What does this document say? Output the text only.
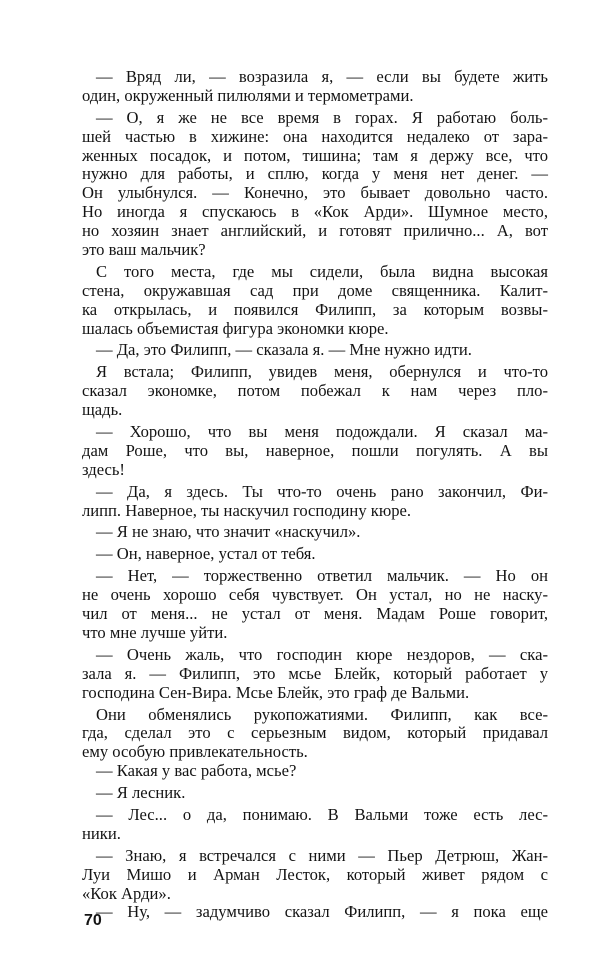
— Вряд ли, — возразила я, — если вы будете жить
один, окруженный пилюлями и термометрами.
— О, я же не все время в горах. Я работаю боль-
шей частью в хижине: она находится недалеко от зара-
женных посадок, и потом, тишина; там я держу все, что
нужно для работы, и сплю, когда у меня нет денег. —
Он улыбнулся. — Конечно, это бывает довольно часто.
Но иногда я спускаюсь в «Кок Арди». Шумное место,
но хозяин знает английский, и готовят прилично... А, вот
это ваш мальчик?
С того места, где мы сидели, была видна высокая
стена, окружавшая сад при доме священника. Калит-
ка открылась, и появился Филипп, за которым возвы-
шалась объемистая фигура экономки кюре.
— Да, это Филипп, — сказала я. — Мне нужно идти.
Я встала; Филипп, увидев меня, обернулся и что-то
сказал экономке, потом побежал к нам через пло-
щадь.
— Хорошо, что вы меня подождали. Я сказал ма-
дам Роше, что вы, наверное, пошли погулять. А вы
здесь!
— Да, я здесь. Ты что-то очень рано закончил, Фи-
липп. Наверное, ты наскучил господину кюре.
— Я не знаю, что значит «наскучил».
— Он, наверное, устал от тебя.
— Нет, — торжественно ответил мальчик. — Но он
не очень хорошо себя чувствует. Он устал, но не наску-
чил от меня... не устал от меня. Мадам Роше говорит,
что мне лучше уйти.
— Очень жаль, что господин кюре нездоров, — ска-
зала я. — Филипп, это мсье Блейк, который работает у
господина Сен-Вира. Мсье Блейк, это граф де Вальми.
Они обменялись рукопожатиями. Филипп, как все-
гда, сделал это с серьезным видом, который придавал
ему особую привлекательность.
— Какая у вас работа, мсье?
— Я лесник.
— Лес... о да, понимаю. В Вальми тоже есть лес-
ники.
— Знаю, я встречался с ними — Пьер Детрюш, Жан-
Луи Мишо и Арман Лесток, который живет рядом с
«Кок Арди».
— Ну, — задумчиво сказал Филипп, — я пока еще
70
